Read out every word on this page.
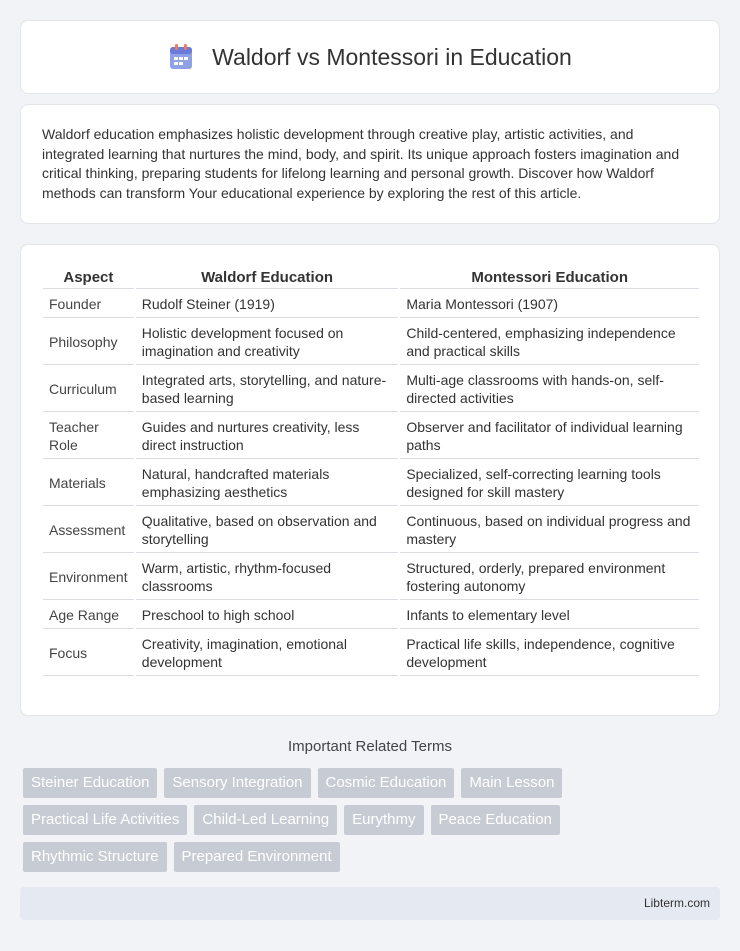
Waldorf vs Montessori in Education

Waldorf education emphasizes holistic development through creative play, artistic activities, and integrated learning that nurtures the mind, body, and spirit. Its unique approach fosters imagination and critical thinking, preparing students for lifelong learning and personal growth. Discover how Waldorf methods can transform Your educational experience by exploring the rest of this article.

Aspect	Waldorf Education	Montessori Education
Founder	Rudolf Steiner (1919)	Maria Montessori (1907)
Philosophy	Holistic development focused on imagination and creativity	Child-centered, emphasizing independence and practical skills
Curriculum	Integrated arts, storytelling, and nature-based learning	Multi-age classrooms with hands-on, self-directed activities
Teacher Role	Guides and nurtures creativity, less direct instruction	Observer and facilitator of individual learning paths
Materials	Natural, handcrafted materials emphasizing aesthetics	Specialized, self-correcting learning tools designed for skill mastery
Assessment	Qualitative, based on observation and storytelling	Continuous, based on individual progress and mastery
Environment	Warm, artistic, rhythm-focused classrooms	Structured, orderly, prepared environment fostering autonomy
Age Range	Preschool to high school	Infants to elementary level
Focus	Creativity, imagination, emotional development	Practical life skills, independence, cognitive development
Important Related Terms
Steiner Education	Sensory Integration	Cosmic Education	Main Lesson
Practical Life Activities	Child-Led Learning	Eurythmy	Peace Education
Rhythmic Structure	Prepared Environment
Libterm.com
